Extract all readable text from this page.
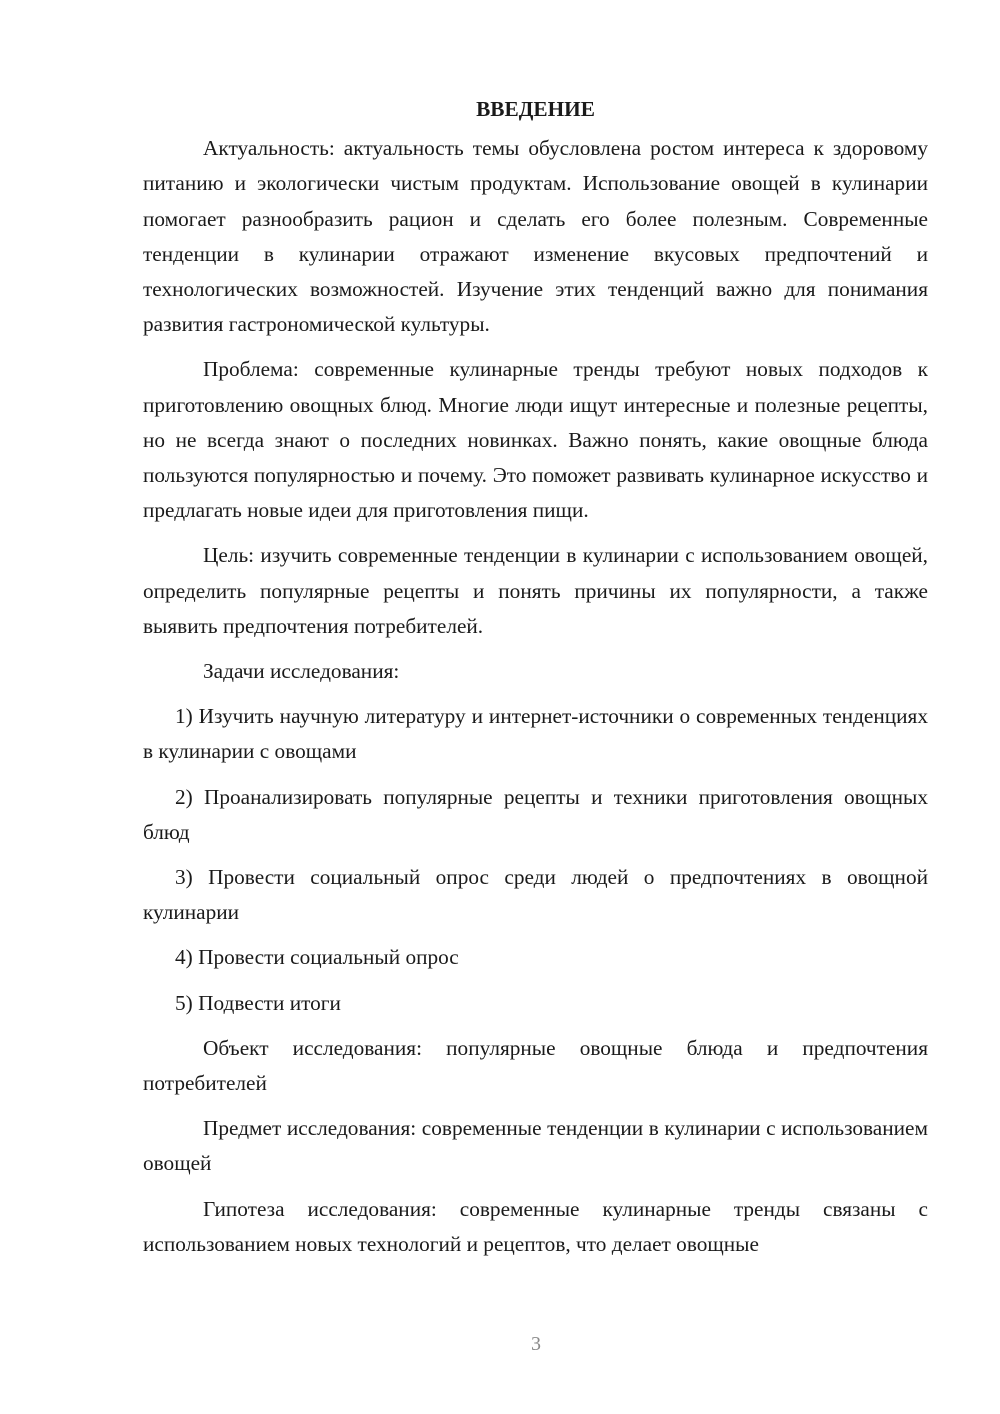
ВВЕДЕНИЕ

Актуальность: актуальность темы обусловлена ростом интереса к здоровому питанию и экологически чистым продуктам. Использование овощей в кулинарии помогает разнообразить рацион и сделать его более полезным. Современные тенденции в кулинарии отражают изменение вкусовых предпочтений и технологических возможностей. Изучение этих тенденций важно для понимания развития гастрономической культуры.

Проблема: современные кулинарные тренды требуют новых подходов к приготовлению овощных блюд. Многие люди ищут интересные и полезные рецепты, но не всегда знают о последних новинках. Важно понять, какие овощные блюда пользуются популярностью и почему. Это поможет развивать кулинарное искусство и предлагать новые идеи для приготовления пищи.

Цель: изучить современные тенденции в кулинарии с использованием овощей, определить популярные рецепты и понять причины их популярности, а также выявить предпочтения потребителей.

Задачи исследования:

1) Изучить научную литературу и интернет-источники о современных тенденциях в кулинарии с овощами

2) Проанализировать популярные рецепты и техники приготовления овощных блюд

3) Провести социальный опрос среди людей о предпочтениях в овощной кулинарии

4) Провести социальный опрос

5) Подвести итоги

Объект исследования: популярные овощные блюда и предпочтения потребителей

Предмет исследования: современные тенденции в кулинарии с использованием овощей

Гипотеза исследования: современные кулинарные тренды связаны с использованием новых технологий и рецептов, что делает овощные

3
